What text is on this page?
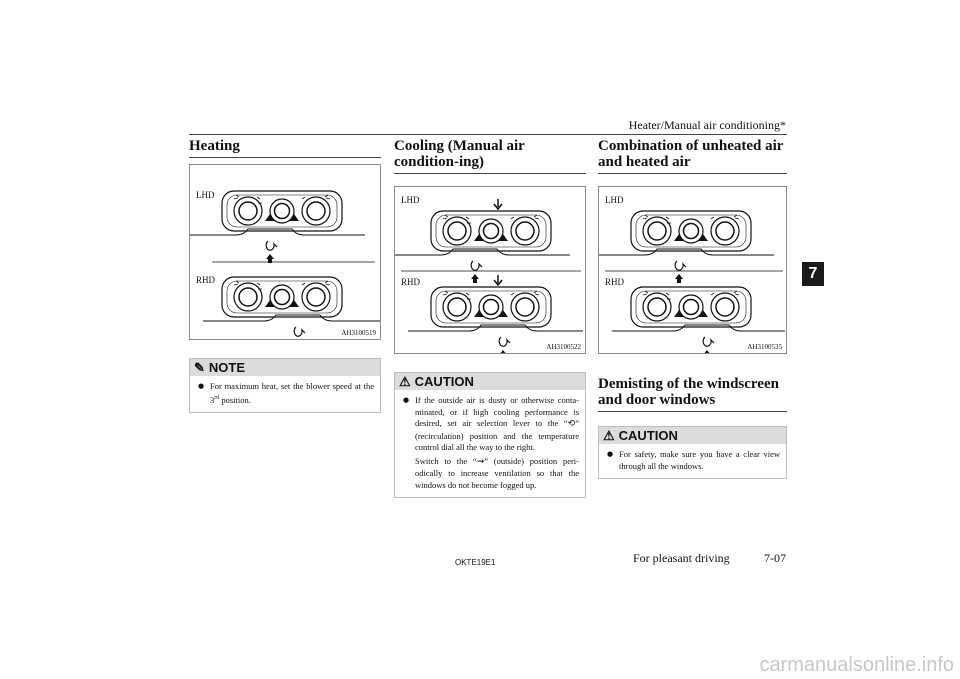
Heater/Manual air conditioning*
7
Heating
LHD
RHD
AH3100519
✎ NOTE
● For maximum heat, set the blower speed at the 3rd position.

Cooling (Manual air condition-ing)
LHD
RHD
AH3100522
⚠ CAUTION
● If the outside air is dusty or otherwise conta-minated, or if high cooling performance is desired, set air selection lever to the “⟲” (recirculation) position and the temperature control dial all the way to the right.

Switch to the “⇝” (outside) position peri-odically to increase ventilation so that the windows do not become fogged up.

Combination of unheated air and heated air
LHD
RHD
AH3100535
Demisting of the windscreen and door windows
⚠ CAUTION
● For safety, make sure you have a clear view through all the windows.

OKTE19E1	For pleasant driving	7-07
carmanualsonline.info
